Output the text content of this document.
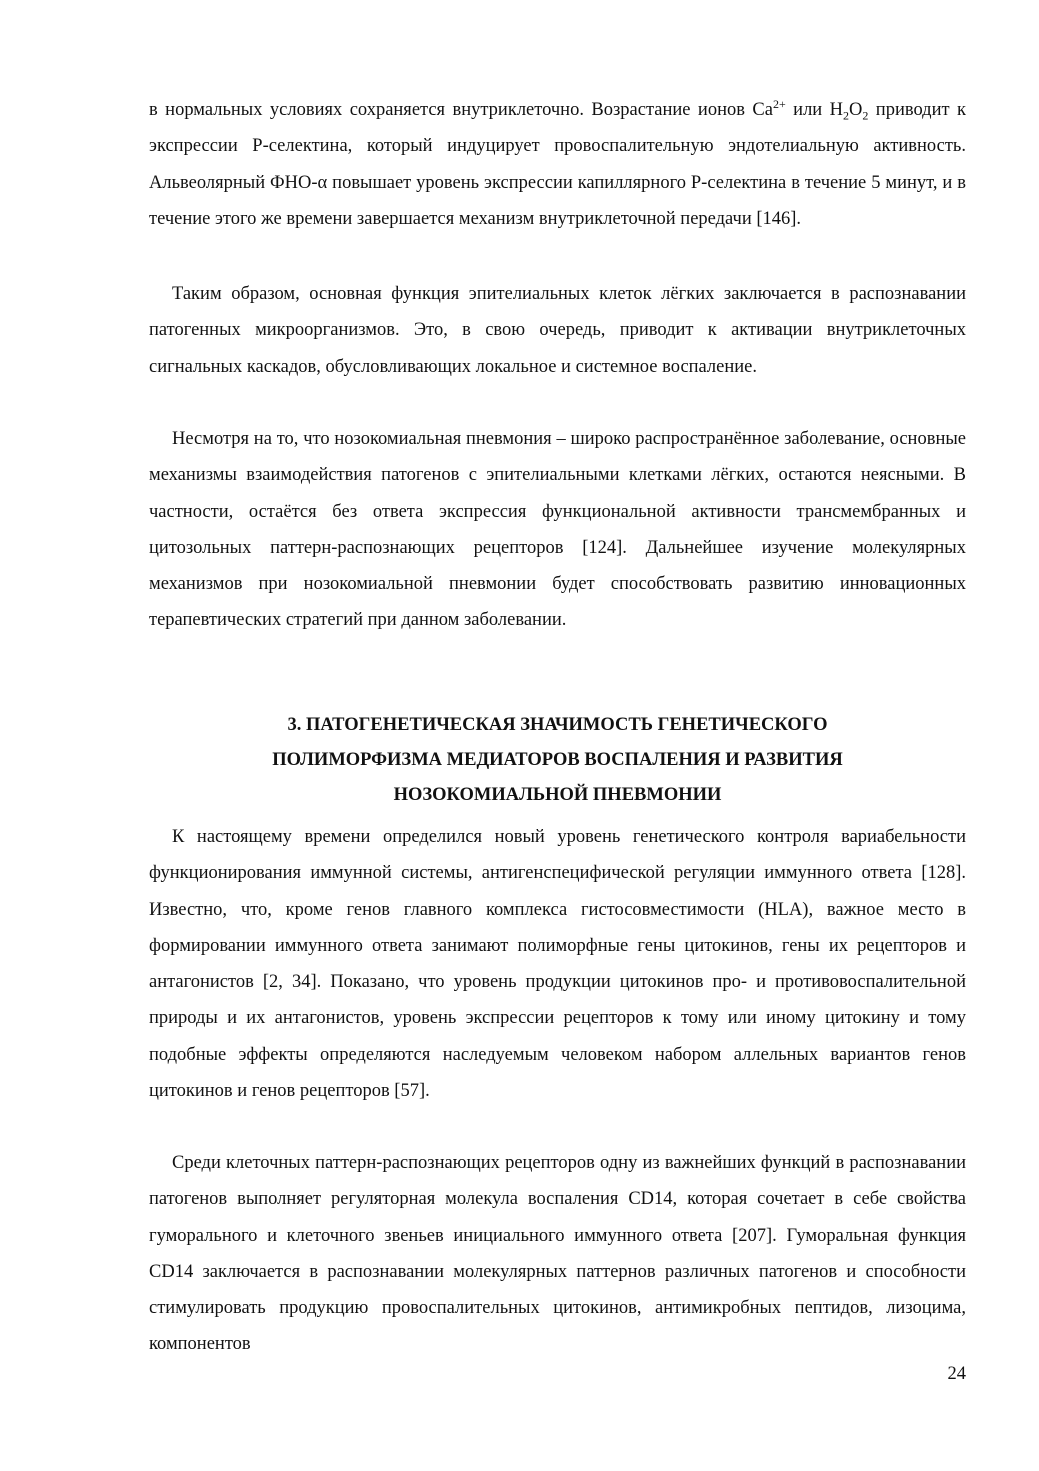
в нормальных условиях сохраняется внутриклеточно. Возрастание ионов $Ca^{2+}$ или $H_2O_2$ приводит к экспрессии Р-селектина, который индуцирует провоспалительную эндотелиальную активность. Альвеолярный ФНО-α повышает уровень экспрессии капиллярного Р-селектина в течение 5 минут, и в течение этого же времени завершается механизм внутриклеточной передачи [146].

Таким образом, основная функция эпителиальных клеток лёгких заключается в распознавании патогенных микроорганизмов. Это, в свою очередь, приводит к активации внутриклеточных сигнальных каскадов, обусловливающих локальное и системное воспаление.

Несмотря на то, что нозокомиальная пневмония – широко распространённое заболевание, основные механизмы взаимодействия патогенов с эпителиальными клетками лёгких, остаются неясными. В частности, остаётся без ответа экспрессия функциональной активности трансмембранных и цитозольных паттерн-распознающих рецепторов [124]. Дальнейшее изучение молекулярных механизмов при нозокомиальной пневмонии будет способствовать развитию инновационных терапевтических стратегий при данном заболевании.

3. ПАТОГЕНЕТИЧЕСКАЯ ЗНАЧИМОСТЬ ГЕНЕТИЧЕСКОГО
ПОЛИМОРФИЗМА МЕДИАТОРОВ ВОСПАЛЕНИЯ И РАЗВИТИЯ
НОЗОКОМИАЛЬНОЙ ПНЕВМОНИИ

К настоящему времени определился новый уровень генетического контроля вариабельности функционирования иммунной системы, антигенспецифической регуляции иммунного ответа [128]. Известно, что, кроме генов главного комплекса гистосовместимости (HLA), важное место в формировании иммунного ответа занимают полиморфные гены цитокинов, гены их рецепторов и антагонистов [2, 34]. Показано, что уровень продукции цитокинов про- и противовоспалительной природы и их антагонистов, уровень экспрессии рецепторов к тому или иному цитокину и тому подобные эффекты определяются наследуемым человеком набором аллельных вариантов генов цитокинов и генов рецепторов [57].

Среди клеточных паттерн-распознающих рецепторов одну из важнейших функций в распознавании патогенов выполняет регуляторная молекула воспаления CD14, которая сочетает в себе свойства гуморального и клеточного звеньев инициального иммунного ответа [207]. Гуморальная функция CD14 заключается в распознавании молекулярных паттернов различных патогенов и способности стимулировать продукцию провоспалительных цитокинов, антимикробных пептидов, лизоцима, компонентов

24
